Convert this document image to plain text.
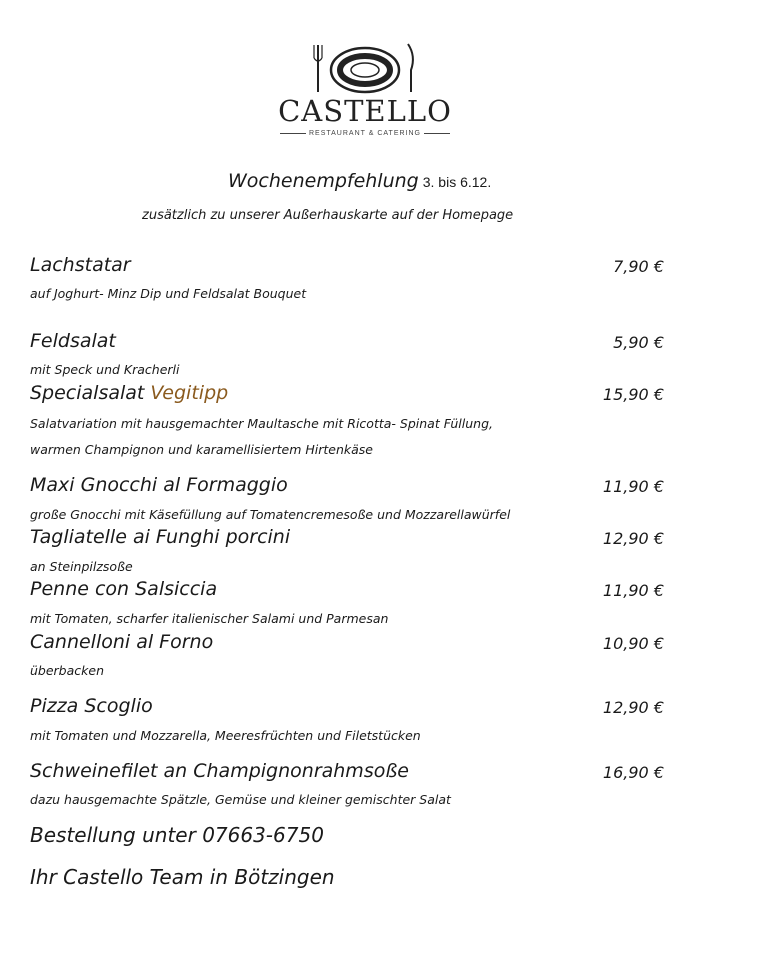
CASTELLO
RESTAURANT & CATERING
Wochenempfehlung 3. bis 6.12.
zusätzlich zu unserer Außerhauskarte auf der Homepage
Lachstatar	7,90 €
auf Joghurt- Minz Dip und Feldsalat Bouquet
Feldsalat	5,90 €
mit Speck und Kracherli
Specialsalat Vegitipp	15,90 €
Salatvariation mit hausgemachter Maultasche mit Ricotta- Spinat Füllung,
warmen Champignon und karamellisiertem Hirtenkäse
Maxi Gnocchi al Formaggio	11,90 €
große Gnocchi mit Käsefüllung auf Tomatencremesoße und Mozzarellawürfel
Tagliatelle ai Funghi porcini	12,90 €
an Steinpilzsoße
Penne con Salsiccia	11,90 €
mit Tomaten, scharfer italienischer Salami und Parmesan
Cannelloni al Forno	10,90 €
überbacken
Pizza Scoglio	12,90 €
mit Tomaten und Mozzarella, Meeresfrüchten und Filetstücken
Schweinefilet an Champignonrahmsoße	16,90 €
dazu hausgemachte Spätzle, Gemüse und kleiner gemischter Salat
Bestellung unter 07663-6750
Ihr Castello Team in Bötzingen
